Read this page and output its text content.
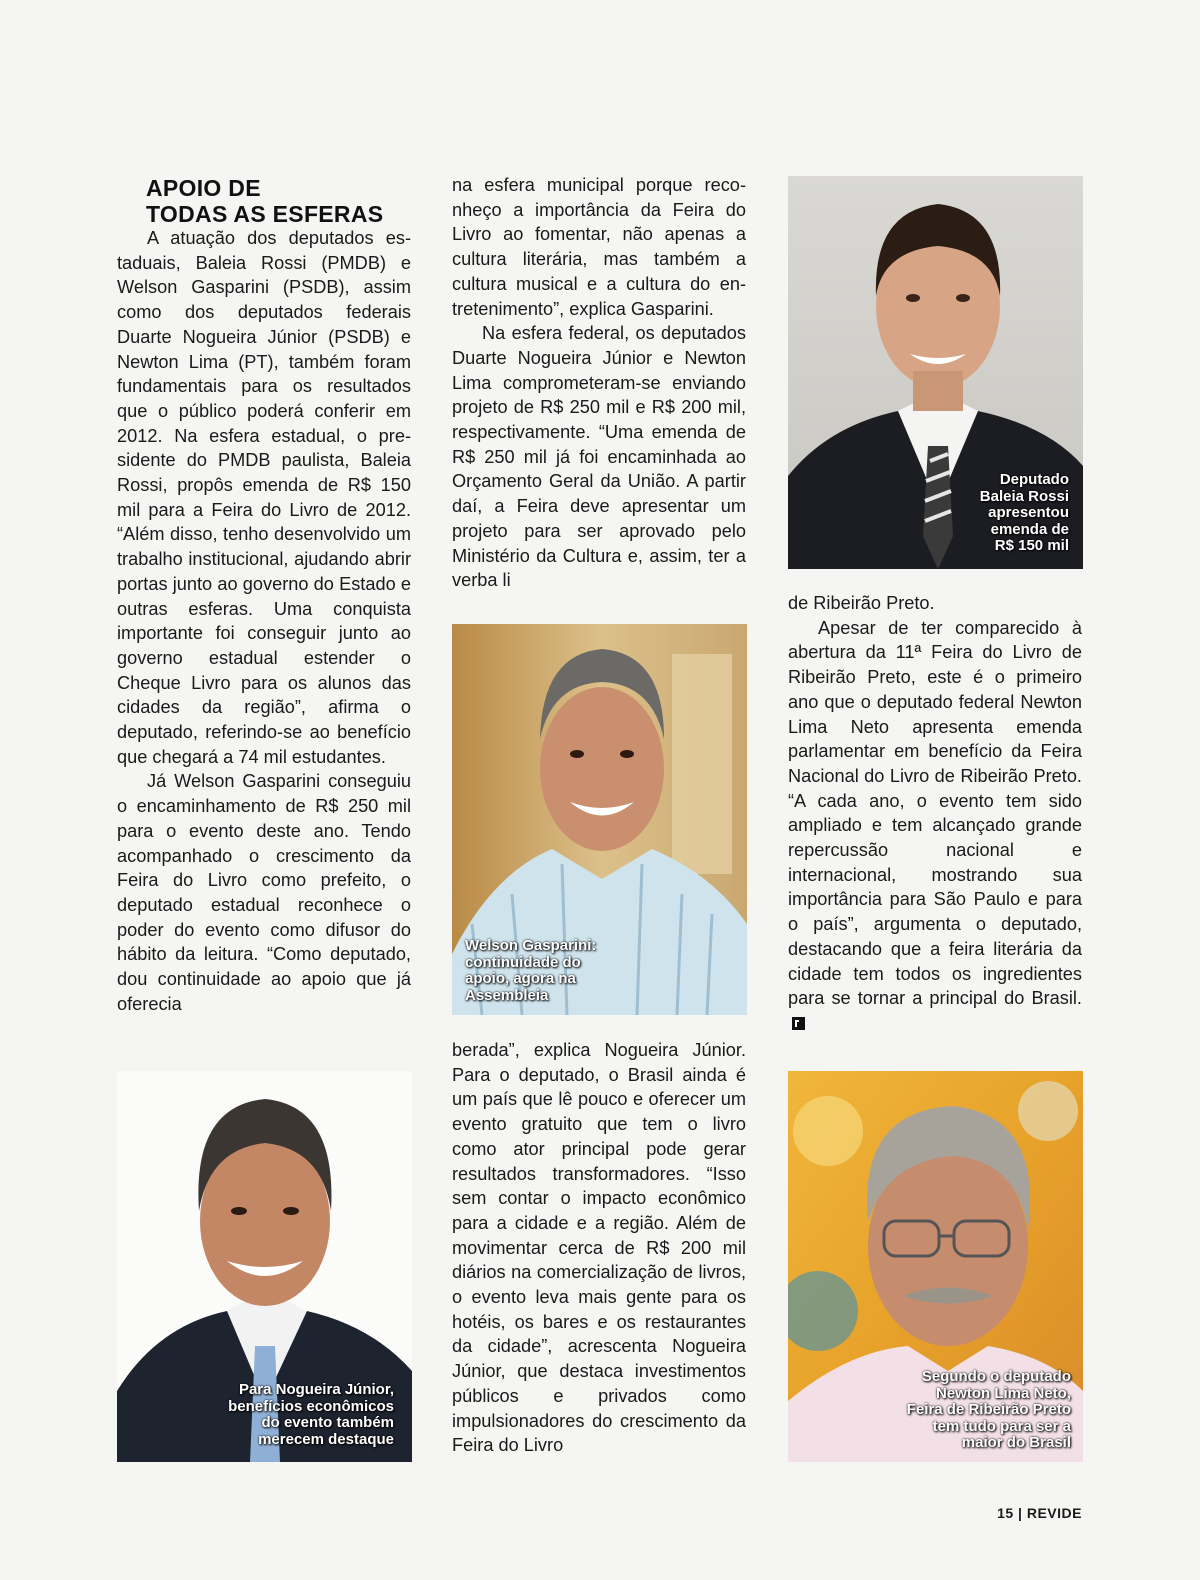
APOIO DE
TODAS AS ESFERAS

A atuação dos deputados estaduais, Baleia Rossi (PMDB) e Welson Gasparini (PSDB), assim como dos deputados federais Duarte Nogueira Júnior (PSDB) e Newton Lima (PT), também foram fundamentais para os resultados que o público poderá conferir em 2012. Na esfera estadual, o presidente do PMDB paulista, Baleia Rossi, propôs emenda de R$ 150 mil para a Feira do Livro de 2012. “Além disso, tenho desenvolvido um trabalho institucional, ajudando abrir portas junto ao governo do Estado e outras esferas. Uma conquista importante foi conseguir junto ao governo estadual estender o Cheque Livro para os alunos das cidades da região”, afirma o deputado, referindo-se ao benefício que chegará a 74 mil estudantes.

Já Welson Gasparini conseguiu o encaminhamento de R$ 250 mil para o evento deste ano. Tendo acompanhado o crescimento da Feira do Livro como prefeito, o deputado estadual reconhece o poder do evento como difusor do hábito da leitura. “Como deputado, dou continuidade ao apoio que já oferecia

na esfera municipal porque reconheço a importância da Feira do Livro ao fomentar, não apenas a cultura literária, mas também a cultura musical e a cultura do entretenimento”, explica Gasparini.

Na esfera federal, os deputados Duarte Nogueira Júnior e Newton Lima comprometeram-se enviando projeto de R$ 250 mil e R$ 200 mil, respectivamente. “Uma emenda de R$ 250 mil já foi encaminhada ao Orçamento Geral da União. A partir daí, a Feira deve apresentar um projeto para ser aprovado pelo Ministério da Cultura e, assim, ter a verba li

berada”, explica Nogueira Júnior. Para o deputado, o Brasil ainda é um país que lê pouco e oferecer um evento gratuito que tem o livro como ator principal pode gerar resultados transformadores. “Isso sem contar o impacto econômico para a cidade e a região. Além de movimentar cerca de R$ 200 mil diários na comercialização de livros, o evento leva mais gente para os hotéis, os bares e os restaurantes da cidade”, acrescenta Nogueira Júnior, que destaca investimentos públicos e privados como impulsionadores do crescimento da Feira do Livro

de Ribeirão Preto.

Apesar de ter comparecido à abertura da 11ª Feira do Livro de Ribeirão Preto, este é o primeiro ano que o deputado federal Newton Lima Neto apresenta emenda parlamentar em benefício da Feira Nacional do Livro de Ribeirão Preto. “A cada ano, o evento tem sido ampliado e tem alcançado grande repercussão nacional e internacional, mostrando sua importância para São Paulo e para o país”, argumenta o deputado, destacando que a feira literária da cidade tem todos os ingredientes para se tornar a principal do Brasil.

Deputado
Baleia Rossi
apresentou
emenda de
R$ 150 mil
Welson Gasparini:
continuidade do
apoio, agora na
Assembleia
Para Nogueira Júnior,
benefícios econômicos
do evento também
merecem destaque
Segundo o deputado
Newton Lima Neto,
Feira de Ribeirão Preto
tem tudo para ser a
maior do Brasil
15 | REVIDE
